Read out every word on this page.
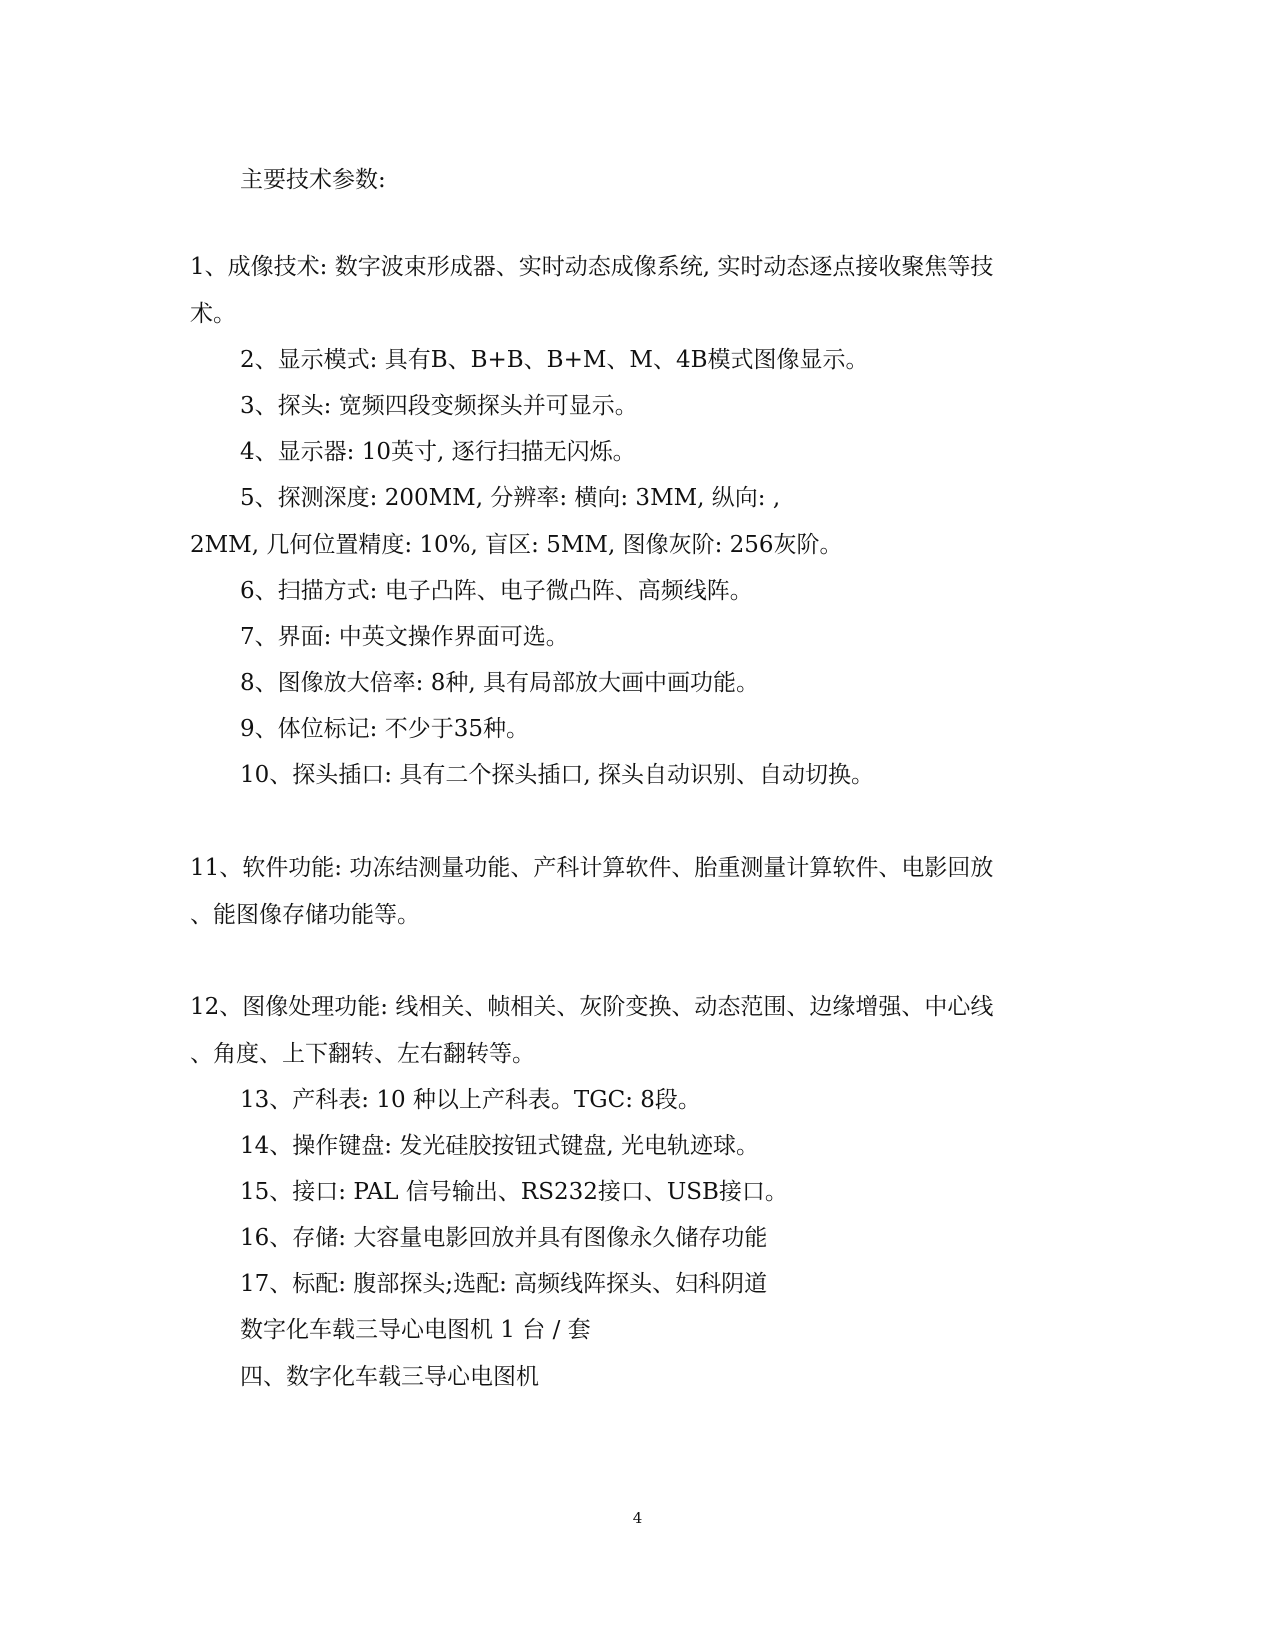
主要技术参数:
1、成像技术: 数字波束形成器、实时动态成像系统, 实时动态逐点接收聚焦等技
术。
2、显示模式: 具有B、B+B、B+M、M、4B模式图像显示。
3、探头: 宽频四段变频探头并可显示。
4、显示器: 10英寸, 逐行扫描无闪烁。
5、探测深度: 200MM, 分辨率: 横向: 3MM, 纵向: ,
2MM, 几何位置精度: 10%, 盲区: 5MM, 图像灰阶: 256灰阶。
6、扫描方式: 电子凸阵、电子微凸阵、高频线阵。
7、界面: 中英文操作界面可选。
8、图像放大倍率: 8种, 具有局部放大画中画功能。
9、体位标记: 不少于35种。
10、探头插口: 具有二个探头插口, 探头自动识别、自动切换。
11、软件功能: 功冻结测量功能、产科计算软件、胎重测量计算软件、电影回放
、能图像存储功能等。
12、图像处理功能: 线相关、帧相关、灰阶变换、动态范围、边缘增强、中心线
、角度、上下翻转、左右翻转等。
13、产科表: 10 种以上产科表。TGC: 8段。
14、操作键盘: 发光硅胶按钮式键盘, 光电轨迹球。
15、接口: PAL 信号输出、RS232接口、USB接口。
16、存储: 大容量电影回放并具有图像永久储存功能
17、标配: 腹部探头;选配: 高频线阵探头、妇科阴道
数字化车载三导心电图机 1 台 / 套
四、数字化车载三导心电图机
4
